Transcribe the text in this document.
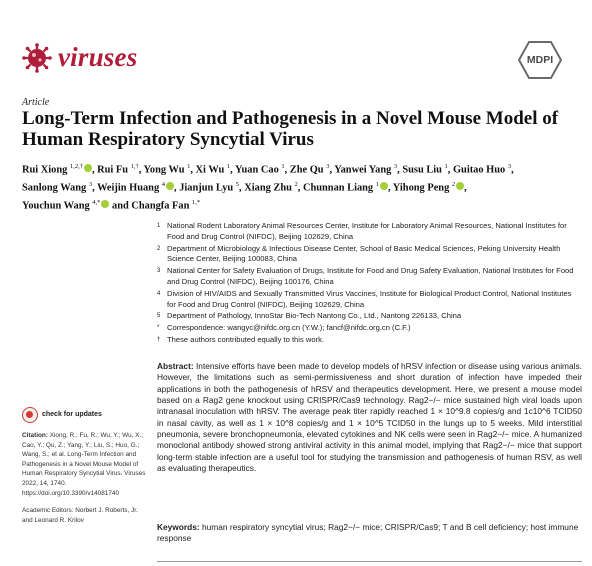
viruses	MDPI
Article
Long-Term Infection and Pathogenesis in a Novel Mouse Model of Human Respiratory Syncytial Virus
Rui Xiong $^{1,2,\dagger}$ , Rui Fu $^{1,\dagger}$, Yong Wu $^1$, Xi Wu $^1$, Yuan Cao $^1$, Zhe Qu $^3$, Yanwei Yang $^3$, Susu Liu $^1$, Guitao Huo $^3$,
Sanlong Wang $^3$, Weijin Huang $^4$ , Jianjun Lyu $^5$, Xiang Zhu $^2$, Chunnan Liang $^1$ , Yihong Peng $^2$ ,
Youchun Wang $^{4,*}$ and Changfa Fan $^{1,*}$
1 National Rodent Laboratory Animal Resources Center, Institute for Laboratory Animal Resources, National Institutes for Food and Drug Control (NIFDC), Beijing 102629, China
2 Department of Microbiology & Infectious Disease Center, School of Basic Medical Sciences, Peking University Health Science Center, Beijing 100083, China
3 National Center for Safety Evaluation of Drugs, Institute for Food and Drug Safety Evaluation, National Institutes for Food and Drug Control (NIFDC), Beijing 100176, China
4 Division of HIV/AIDS and Sexually Transmitted Virus Vaccines, Institute for Biological Product Control, National Institutes for Food and Drug Control (NIFDC), Beijing 102629, China
5 Department of Pathology, InnoStar Bio-Tech Nantong Co., Ltd., Nantong 226133, China
*	Correspondence: wangyc@nifdc.org.cn (Y.W.); fancf@nifdc.org.cn (C.F.)
† These authors contributed equally to this work.
Abstract: Intensive efforts have been made to develop models of hRSV infection or disease using various animals. However, the limitations such as semi-permissiveness and short duration of infection have impeded their applications in both the pathogenesis of hRSV and therapeutics development. Here, we present a mouse model based on a Rag2 gene knockout using CRISPR/Cas9 technology. Rag2−/− mice sustained high viral loads upon intranasal inoculation with hRSV. The average peak titer rapidly reached 1 × 10^9.8 copies/g and 1c10^6 TCID50 in nasal cavity, as well as 1 × 10^8 copies/g and 1 × 10^5 TCID50 in the lungs up to 5 weeks. Mild interstitial pneumonia, severe bronchopneumonia, elevated cytokines and NK cells were seen in Rag2−/− mice. A humanized monoclonal antibody showed strong antiviral activity in this animal model, implying that Rag2−/− mice that support long-term stable infection are a useful tool for studying the transmission and pathogenesis of human RSV, as well as evaluating therapeutics.
Keywords: human respiratory syncytial virus; Rag2−/− mice; CRISPR/Cas9; T and B cell deficiency; host immune response
check for updates
Citation: Xiong, R.; Fu, R.; Wu, Y.; Wu, X.; Cao, Y.; Qu, Z.; Yang, Y.; Liu, S.; Huo, G.; Wang, S.; et al. Long-Term Infection and Pathogenesis in a Novel Mouse Model of Human Respiratory Syncytial Virus. Viruses 2022, 14, 1740. https://doi.org/10.3390/v14081740
Academic Editors: Norbert J. Roberts, Jr. and Leonard R. Krilov
